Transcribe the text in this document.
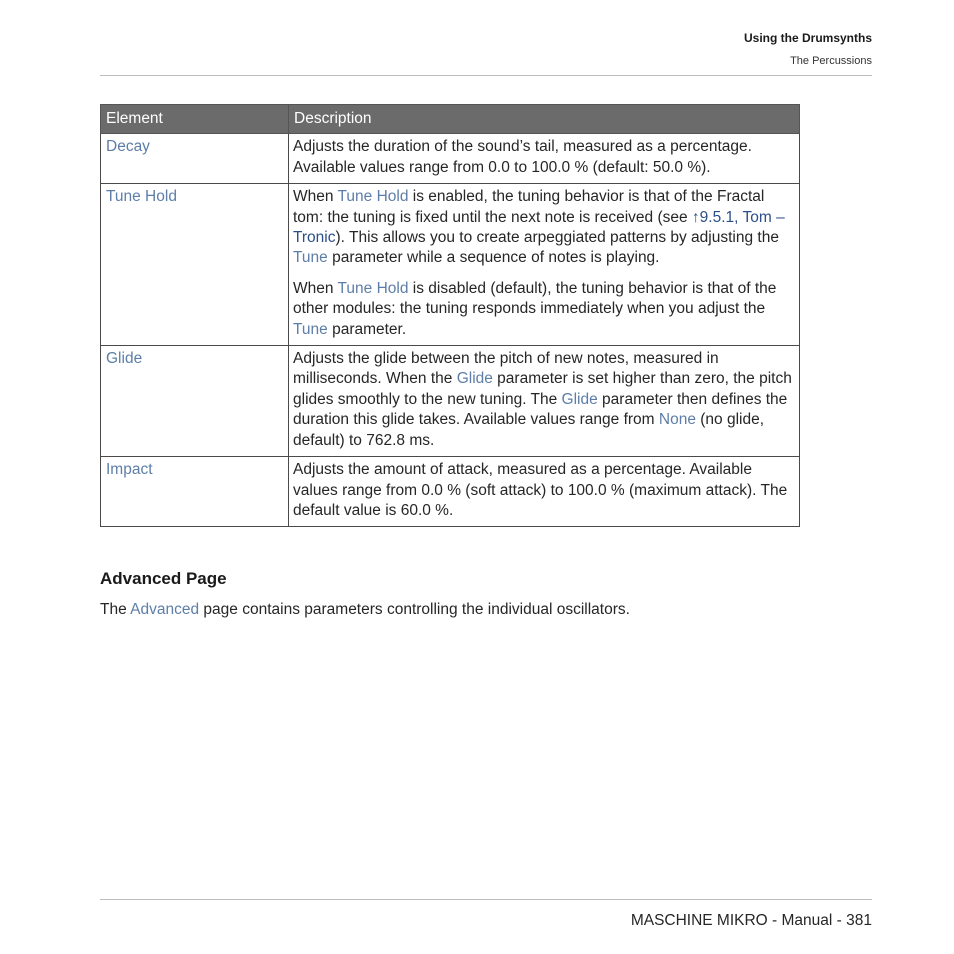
Using the Drumsynths
The Percussions
Element	Description
Decay	Adjusts the duration of the sound’s tail, measured as a percentage. Available values range from 0.0 to 100.0 % (default: 50.0 %).
Tune Hold	When Tune Hold is enabled, the tuning behavior is that of the Fractal tom: the tuning is fixed until the next note is received (see ↑9.5.1, Tom – Tronic). This allows you to create arpeggiated patterns by adjusting the Tune parameter while a sequence of notes is playing.

When Tune Hold is disabled (default), the tuning behavior is that of the other modules: the tuning responds immediately when you adjust the Tune parameter.

Glide	Adjusts the glide between the pitch of new notes, measured in milliseconds. When the Glide parameter is set higher than zero, the pitch glides smoothly to the new tuning. The Glide parameter then defines the duration this glide takes. Available values range from None (no glide, default) to 762.8 ms.
Impact	Adjusts the amount of attack, measured as a percentage. Available values range from 0.0 % (soft attack) to 100.0 % (maximum attack). The default value is 60.0 %.
Advanced Page

The Advanced page contains parameters controlling the individual oscillators.

MASCHINE MIKRO - Manual - 381
